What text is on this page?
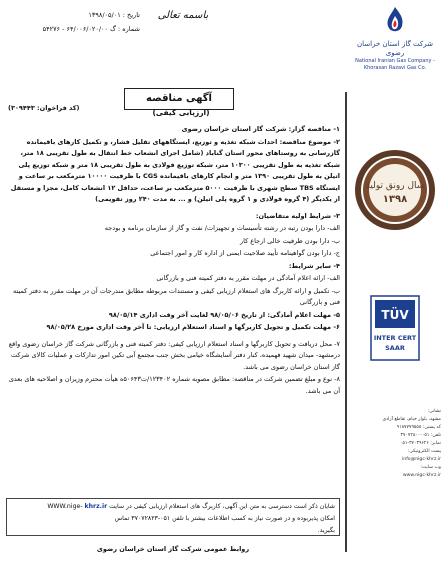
تاریخ : ۱۳۹۸/۰۵/۰۱
شماره : گ ۶۴/۰۰۶/۰۲۰/۰۰ - ۵۴۲۷۶
باسمه تعالی
آگهی مناقصه
(کد فراخوان: ۳۰۹۴۴۳)	(ارزیابی کیفی)

۱- مناقصه گزار: شرکت گاز استان خراسان رضوی

۲- موضوع مناقصه: احداث شبکه تغذیه و توزیع، ایستگاههای تقلیل فشار، و تکمیل کارهای باقیمانده گازرسانی به روستاهای محور استان گناباد (شامل اجرای انشعاب خط انتقال به طول تقریبی ۱۸ متر، شبکه تغذیه به طول تقریبی ۱۰۳۰۰ متر، شبکه توزیع فولادی به طول تقریبی ۱۸ متر و شبکه توزیع پلی اتیلن به طول تقریبی ۱۳۹۰ متر و انجام کارهای باقیمانده CGS با ظرفیت ۱۰۰۰۰ مترمکعب بر ساعت و ایستگاه TBS سطح شهری با ظرفیت ۵۰۰۰ مترمکعب بر ساعت، حداقل ۱۲ انشعاب کامل، مجزا و مستقل از یکدیگر (۴ گروه فولادی و ۱ گروه پلی اتیلن) و ... به مدت ۲۴۰ روز تقویمی)

۳- شرایط اولیه متقاضیان:

الف- دارا بودن رتبه در رشته تأسیسات و تجهیزات/ نفت و گاز از سازمان برنامه و بودجه

ب- دارا بودن ظرفیت خالی ارجاع کار

ج- دارا بودن گواهینامه تأیید صلاحیت ایمنی از اداره کار و امور اجتماعی

۴- سایر شرایط:

الف- ارائه اعلام آمادگی در مهلت مقرر به دفتر کمیته فنی و بازرگانی

ب- تکمیل و ارائه کاربرگ های استعلام ارزیابی کیفی و مستندات مربوطه مطابق مندرجات آن در مهلت مقرر به دفتر کمیته فنی و بازرگانی

۵- مهلت اعلام آمادگی: از تاریخ ۹۸/۰۵/۰۶ لغایت آخر وقت اداری ۹۸/۰۵/۱۴

۶- مهلت تکمیل و تحویل کاربرگها و اسناد استعلام ارزیابی: تا آخر وقت اداری مورخ ۹۸/۰۵/۲۸

۷- محل دریافت و تحویل کاربرگها و اسناد استعلام ارزیابی کیفی: دفتر کمیته فنی و بازرگانی شرکت گاز خراسان رضوی واقع درمشهد- میدان شهید فهمیده، کنار دفتر آسایشگاه خیامی بخش جنب مجتمع آبی تکین امور تدارکات و عملیات کالای شرکت گاز استان خراسان رضوی می باشد.

۸- نوع و مبلغ تضمین شرکت در مناقصه: مطابق مصوبه شماره ۱۲۳۴۰۲/ت۵۰۶۴۳ه هیأت محترم وزیران و اصلاحیه های بعدی آن می باشد.

شایان ذکر است دسترسی به متن این آگهی، کاربرگ های استعلام ارزیابی کیفی در سایت WWW.nige- khrz.ir
امکان پذیربوده و در صورت نیاز به کسب اطلاعات بیشتر با تلفن ۰۵۱-۳۷۰۷۲۸۲۳ تماس
بگیرید.
روابط عمومی شرکت گاز استان خراسان رضوی
شرکت گاز استان خراسان رضوی
National Iranian Gas Company - Khorasan Razavi Gas Co.
سال رونق تولید
۱۳۹۸
TÜV
INTER CERT
SAAR
نشانی:
مشهد، بلوار خیام، تقاطع آزادی
کد پستی: ۹۱۸۷۷۷۹۵۵۸
تلفن: ۰۵۱-۳۷۰۷۲۸۰۰
نمابر: ۳۷۰۳۹۶۲۶-۰۵۱
پست الکترونیکی:
info@nigc-khrz.ir
وب سایت:
www.nigc-khrz.ir
